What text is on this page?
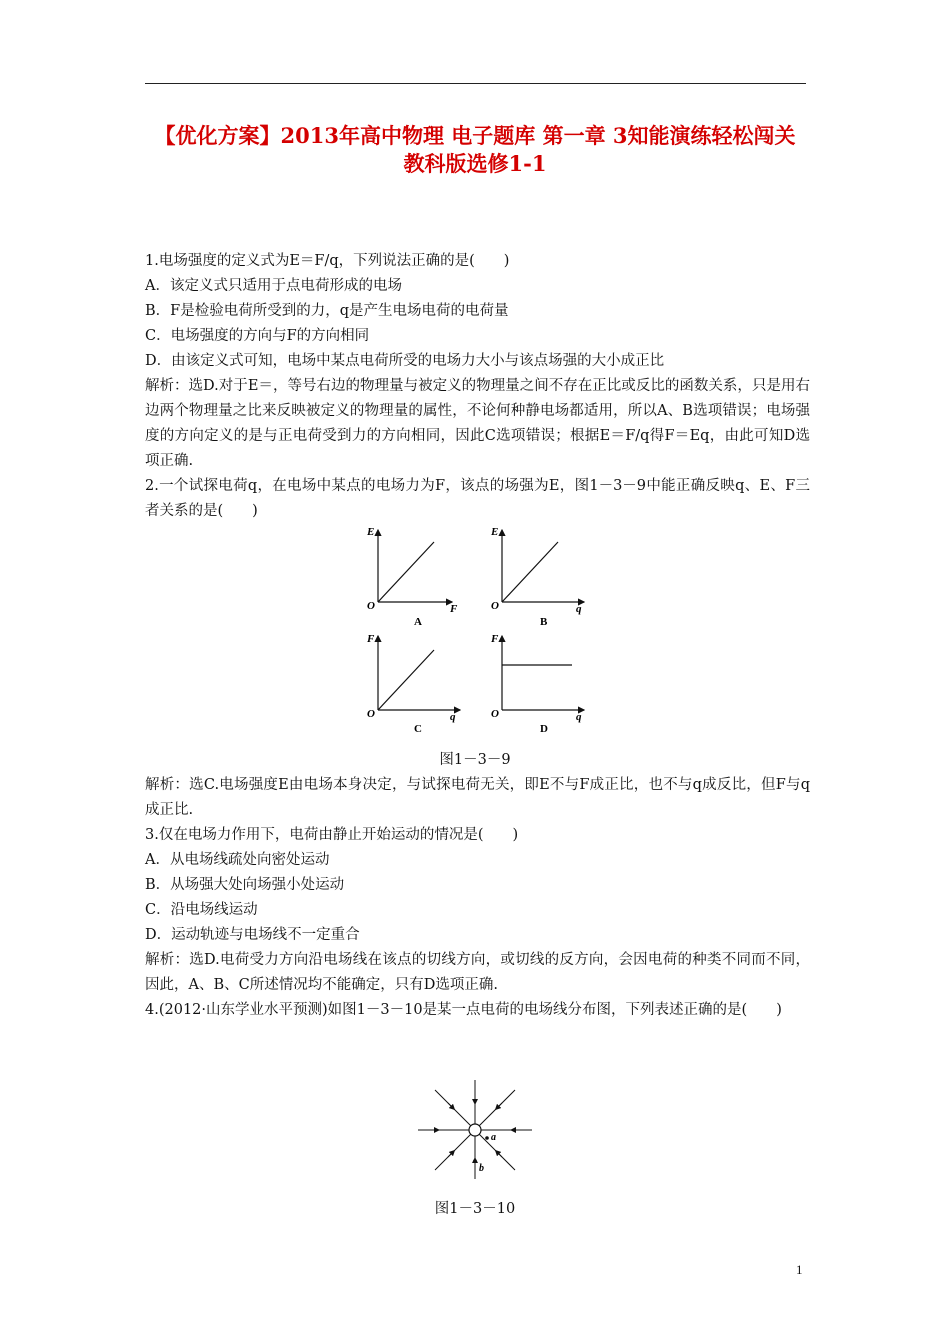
【优化方案】2013年高中物理 电子题库 第一章 3知能演练轻松闯关
教科版选修1-1
1.电场强度的定义式为E＝F/q，下列说法正确的是(　　)
A．该定义式只适用于点电荷形成的电场
B．F是检验电荷所受到的力，q是产生电场电荷的电荷量
C．电场强度的方向与F的方向相同
D．由该定义式可知，电场中某点电荷所受的电场力大小与该点场强的大小成正比
解析：选D.对于E＝，等号右边的物理量与被定义的物理量之间不存在正比或反比的函数关系，只是用右边两个物理量之比来反映被定义的物理量的属性，不论何种静电场都适用，所以A、B选项错误；电场强度的方向定义的是与正电荷受到力的方向相同，因此C选项错误；根据E＝F/q得F＝Eq，由此可知D选项正确.
2.一个试探电荷q，在电场中某点的电场力为F，该点的场强为E，图1－3－9中能正确反映q、E、F三者关系的是(　　)
E
O	F
A
E
O	q
B
F
O	q
C
F
O	q
D
图1－3－9
解析：选C.电场强度E由电场本身决定，与试探电荷无关，即E不与F成正比，也不与q成反比，但F与q成正比.
3.仅在电场力作用下，电荷由静止开始运动的情况是(　　)
A．从电场线疏处向密处运动
B．从场强大处向场强小处运动
C．沿电场线运动
D．运动轨迹与电场线不一定重合
解析：选D.电荷受力方向沿电场线在该点的切线方向，或切线的反方向，会因电荷的种类不同而不同，因此，A、B、C所述情况均不能确定，只有D选项正确.
4.(2012·山东学业水平预测)如图1－3－10是某一点电荷的电场线分布图，下列表述正确的是(　　)
a
b
图1－3－10
1
